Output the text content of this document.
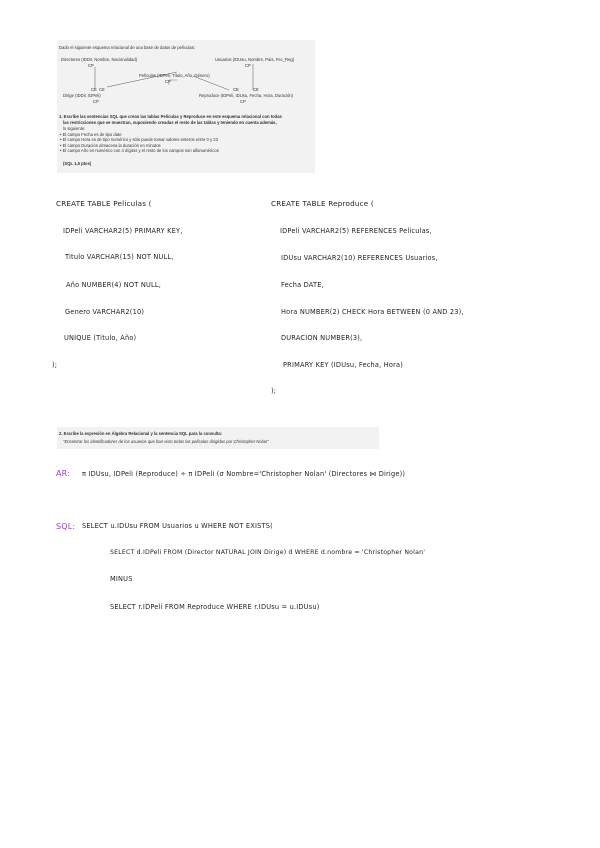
Dado el siguiente esquema relacional de una base de datos de películas:
Directores (IDDir, Nombre, Nacionalidad)
CP
Usuarios (IDUsu, Nombre, Pais, Fec_Reg)
CP
Películas (IDPeli, Título, Año, Género)
CP
CE CE
Dirige (IDDir, IDPeli)
CP
CE	CE
Reproduce (IDPeli, IDUsu, Fecha, Hora, Duración)
CP
1. Escribe las sentencias SQL que crean las tablas Películas y Reproduce en este esquema relacional con todas
las restricciones que se muestran, suponiendo creadas el resto de las tablas y teniendo en cuenta además,
lo siguiente:
• El campo Fecha es de tipo date
• El campo Hora es de tipo numérico y sólo puede tomar valores enteros entre 0 y 23
• El campo Duración almacena la duración en minutos
• El campo Año es numérico con 4 dígitos y el resto de los campos son alfanuméricos
(SQL 1,5 ptos)
CREATE TABLE Peliculas (
IDPeli VARCHAR2(5) PRIMARY KEY,
Titulo VARCHAR(15) NOT NULL,
Año NUMBER(4) NOT NULL,
Genero VARCHAR2(10)
UNIQUE (Titulo, Año)
);
CREATE TABLE Reproduce (
IDPeli VARCHAR2(5) REFERENCES Peliculas,
IDUsu VARCHAR2(10) REFERENCES Usuarios,
Fecha DATE,
Hora NUMBER(2) CHECK Hora BETWEEN (0 AND 23),
DURACION NUMBER(3),
PRIMARY KEY (IDUsu, Fecha, Hora)
);
2. Escribe la expresión en Álgebra Relacional y la sentencia SQL para la consulta:
"Encontrar los identificadores de los usuarios que han visto todas las películas dirigidas por Christopher Nolan"
AR: π IDUsu, IDPeli (Reproduce) ÷ π IDPeli (σ Nombre='Christopher Nolan' (Directores ⋈ Dirige))
SQL: SELECT u.IDUsu FROM Usuarios u WHERE NOT EXISTS(
SELECT d.IDPeli FROM (Director NATURAL JOIN Dirige) d WHERE d.nombre = 'Christopher Nolan'
MINUS
SELECT r.IDPeli FROM Reproduce WHERE r.IDUsu = u.IDUsu)
